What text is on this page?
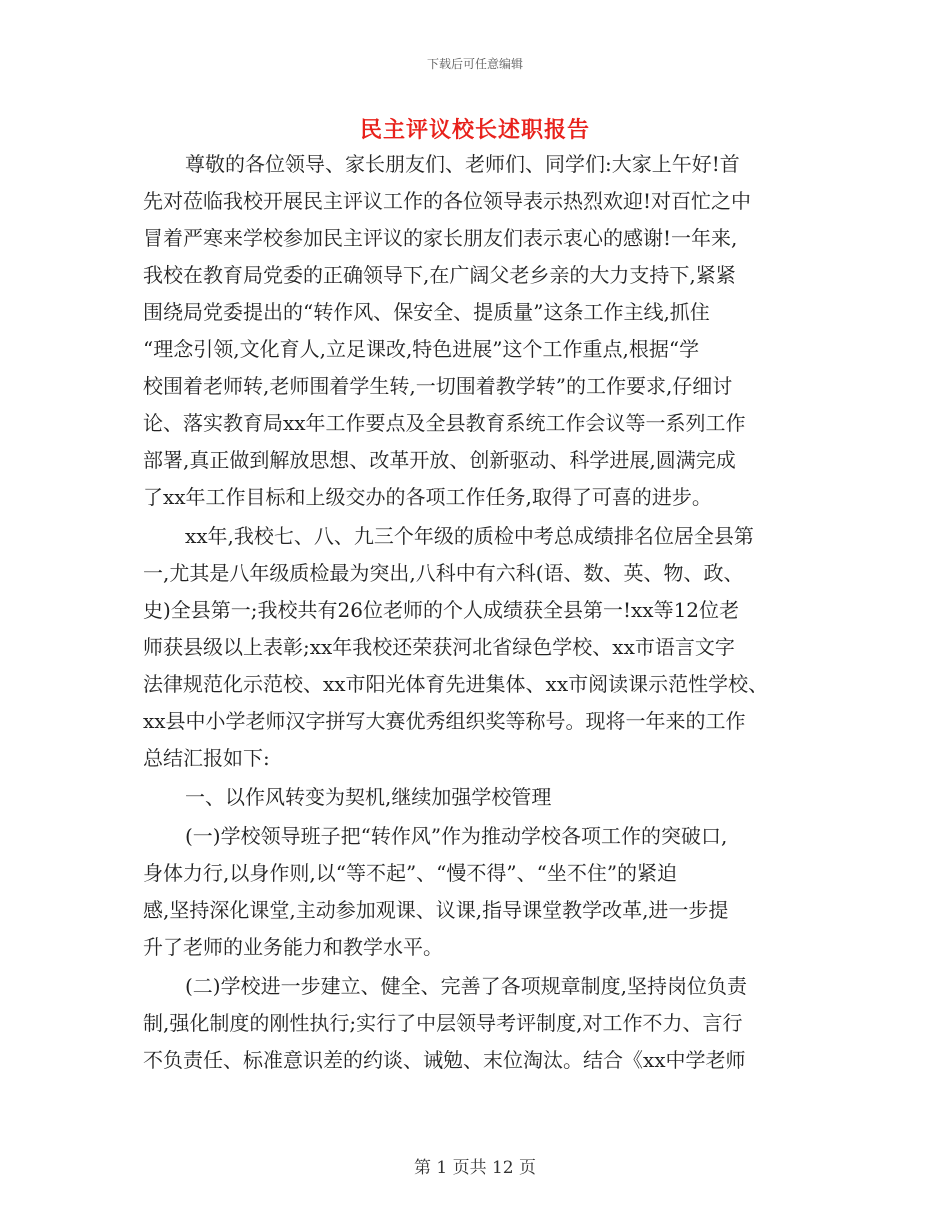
下载后可任意编辑
民主评议校长述职报告
尊敬的各位领导、家长朋友们、老师们、同学们:大家上午好!首
先对莅临我校开展民主评议工作的各位领导表示热烈欢迎!对百忙之中
冒着严寒来学校参加民主评议的家长朋友们表示衷心的感谢!一年来,
我校在教育局党委的正确领导下,在广阔父老乡亲的大力支持下,紧紧
围绕局党委提出的“转作风、保安全、提质量”这条工作主线,抓住
“理念引领,文化育人,立足课改,特色进展”这个工作重点,根据“学
校围着老师转,老师围着学生转,一切围着教学转”的工作要求,仔细讨
论、落实教育局xx年工作要点及全县教育系统工作会议等一系列工作
部署,真正做到解放思想、改革开放、创新驱动、科学进展,圆满完成
了xx年工作目标和上级交办的各项工作任务,取得了可喜的进步。
xx年,我校七、八、九三个年级的质检中考总成绩排名位居全县第
一,尤其是八年级质检最为突出,八科中有六科(语、数、英、物、政、
史)全县第一;我校共有26位老师的个人成绩获全县第一!xx等12位老
师获县级以上表彰;xx年我校还荣获河北省绿色学校、xx市语言文字
法律规范化示范校、xx市阳光体育先进集体、xx市阅读课示范性学校、
xx县中小学老师汉字拼写大赛优秀组织奖等称号。现将一年来的工作
总结汇报如下:
一、以作风转变为契机,继续加强学校管理
(一)学校领导班子把“转作风”作为推动学校各项工作的突破口,
身体力行,以身作则,以“等不起”、“慢不得”、“坐不住”的紧迫
感,坚持深化课堂,主动参加观课、议课,指导课堂教学改革,进一步提
升了老师的业务能力和教学水平。
(二)学校进一步建立、健全、完善了各项规章制度,坚持岗位负责
制,强化制度的刚性执行;实行了中层领导考评制度,对工作不力、言行
不负责任、标准意识差的约谈、诫勉、末位淘汰。结合《xx中学老师
第 1 页共 12 页
